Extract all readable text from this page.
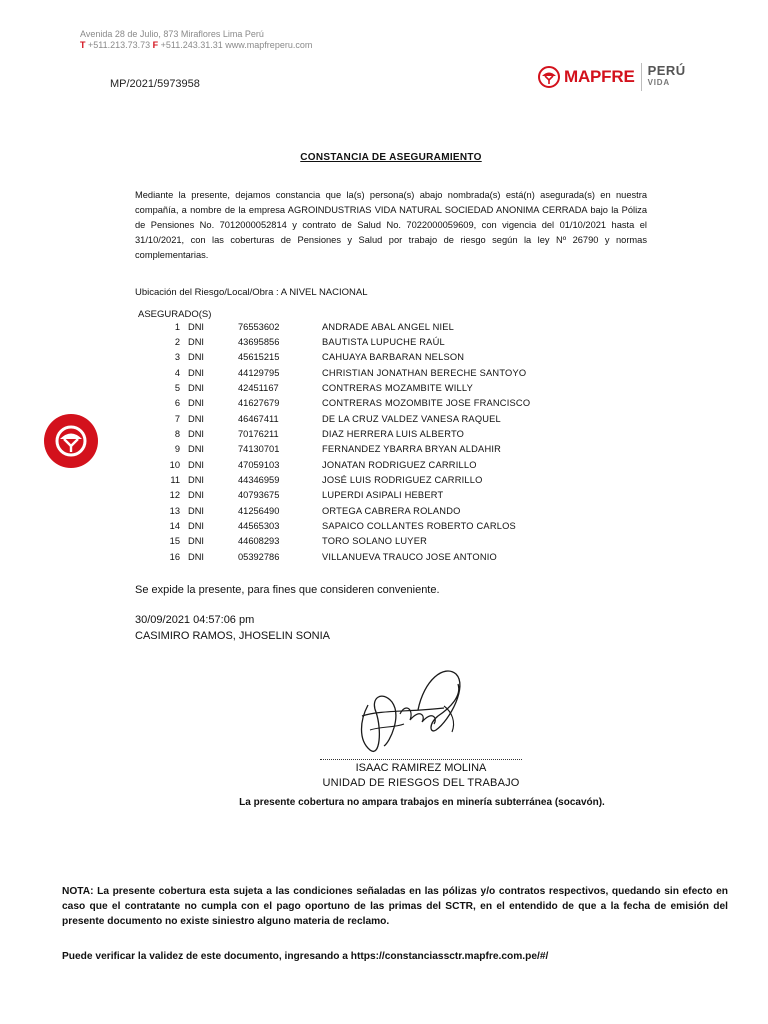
Avenida 28 de Julio, 873 Miraflores Lima Perú
T +511.213.73.73 F +511.243.31.31 www.mapfreperu.com
MAPFRE PERÚ
VIDA
MP/2021/5973958
CONSTANCIA DE ASEGURAMIENTO
Mediante la presente, dejamos constancia que la(s) persona(s) abajo nombrada(s) está(n) asegurada(s) en nuestra compañía, a nombre de la empresa AGROINDUSTRIAS VIDA NATURAL SOCIEDAD ANONIMA CERRADA bajo la Póliza de Pensiones No. 7012000052814 y contrato de Salud No. 7022000059609, con vigencia del 01/10/2021 hasta el 31/10/2021, con las coberturas de Pensiones y Salud por trabajo de riesgo según la ley Nº 26790 y normas complementarias.
Ubicación del Riesgo/Local/Obra : A NIVEL NACIONAL
ASEGURADO(S)
1 DNI	76553602	ANDRADE ABAL ANGEL NIEL
2 DNI	43695856	BAUTISTA LUPUCHE RAÚL
3 DNI	45615215	CAHUAYA BARBARAN NELSON
4 DNI	44129795	CHRISTIAN JONATHAN BERECHE SANTOYO
5 DNI	42451167	CONTRERAS MOZAMBITE WILLY
6 DNI	41627679	CONTRERAS MOZOMBITE JOSE FRANCISCO
7 DNI	46467411	DE LA CRUZ VALDEZ VANESA RAQUEL
8 DNI	70176211	DIAZ HERRERA LUIS ALBERTO
9 DNI	74130701	FERNANDEZ YBARRA BRYAN ALDAHIR
10 DNI	47059103	JONATAN RODRIGUEZ CARRILLO
11 DNI	44346959	JOSÉ LUIS RODRIGUEZ CARRILLO
12 DNI	40793675	LUPERDI ASIPALI HEBERT
13 DNI	41256490	ORTEGA CABRERA ROLANDO
14 DNI	44565303	SAPAICO COLLANTES ROBERTO CARLOS
15 DNI	44608293	TORO SOLANO LUYER
16 DNI	05392786	VILLANUEVA TRAUCO JOSE ANTONIO
Se expide la presente, para fines que consideren conveniente.
30/09/2021 04:57:06 pm
CASIMIRO RAMOS, JHOSELIN SONIA
ISAAC RAMIREZ MOLINA
UNIDAD DE RIESGOS DEL TRABAJO
La presente cobertura no ampara trabajos en minería subterránea (socavón).
NOTA: La presente cobertura esta sujeta a las condiciones señaladas en las pólizas y/o contratos respectivos, quedando sin efecto en caso que el contratante no cumpla con el pago oportuno de las primas del SCTR, en el entendido de que a la fecha de emisión del presente documento no existe siniestro alguno materia de reclamo.
Puede verificar la validez de este documento, ingresando a https://constanciassctr.mapfre.com.pe/#/
